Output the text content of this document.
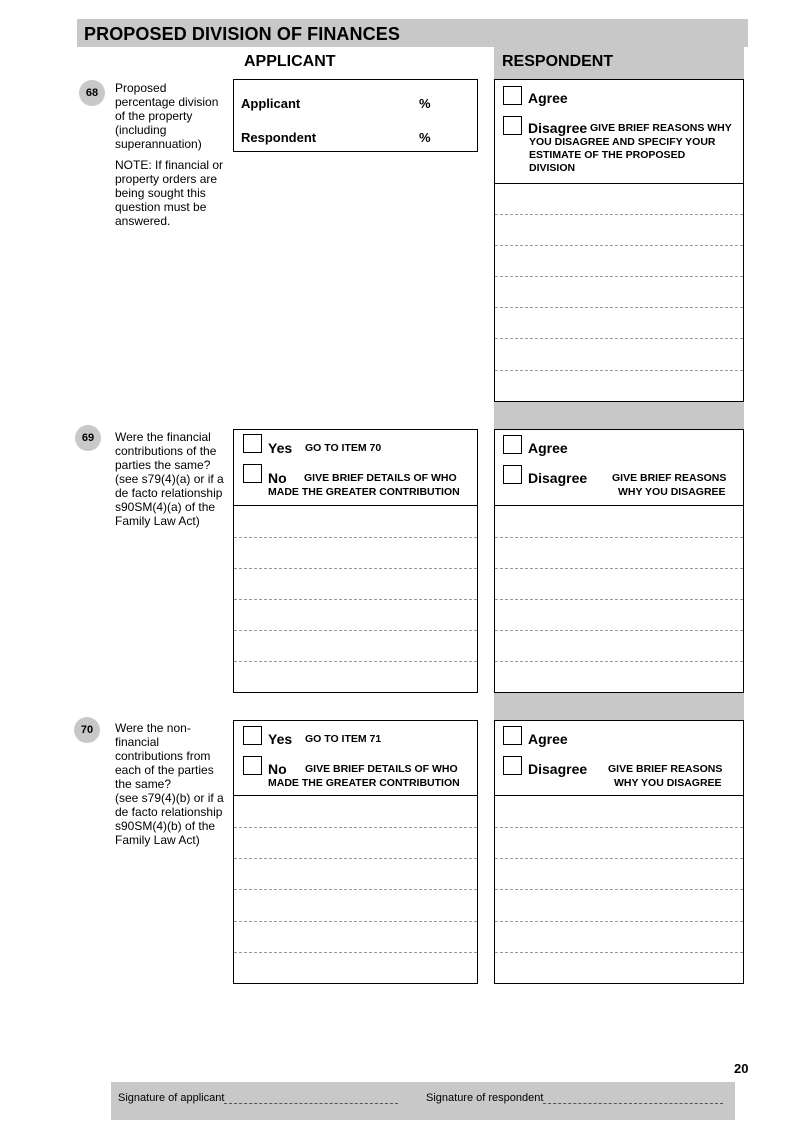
PROPOSED DIVISION OF FINANCES
APPLICANT	RESPONDENT
68	Proposed
percentage division
of the property
(including
superannuation)
NOTE: If financial or
property orders are
being sought this
question must be
answered.
Applicant	%
Respondent	%
Agree
Disagree GIVE BRIEF REASONS WHY
YOU DISAGREE AND SPECIFY YOUR
ESTIMATE OF THE PROPOSED
DIVISION
69	Were the financial
contributions of the
parties the same?
(see s79(4)(a) or if a
de facto relationship
s90SM(4)(a) of the
Family Law Act)
Yes GO TO ITEM 70
No GIVE BRIEF DETAILS OF WHO
MADE THE GREATER CONTRIBUTION
Agree
Disagree GIVE BRIEF REASONS
WHY YOU DISAGREE
70	Were the non-
financial
contributions from
each of the parties
the same?
(see s79(4)(b) or if a
de facto relationship
s90SM(4)(b) of the
Family Law Act)
Yes GO TO ITEM 71
No GIVE BRIEF DETAILS OF WHO
MADE THE GREATER CONTRIBUTION
Agree
Disagree GIVE BRIEF REASONS
WHY YOU DISAGREE
20
Signature of applicant	Signature of respondent
